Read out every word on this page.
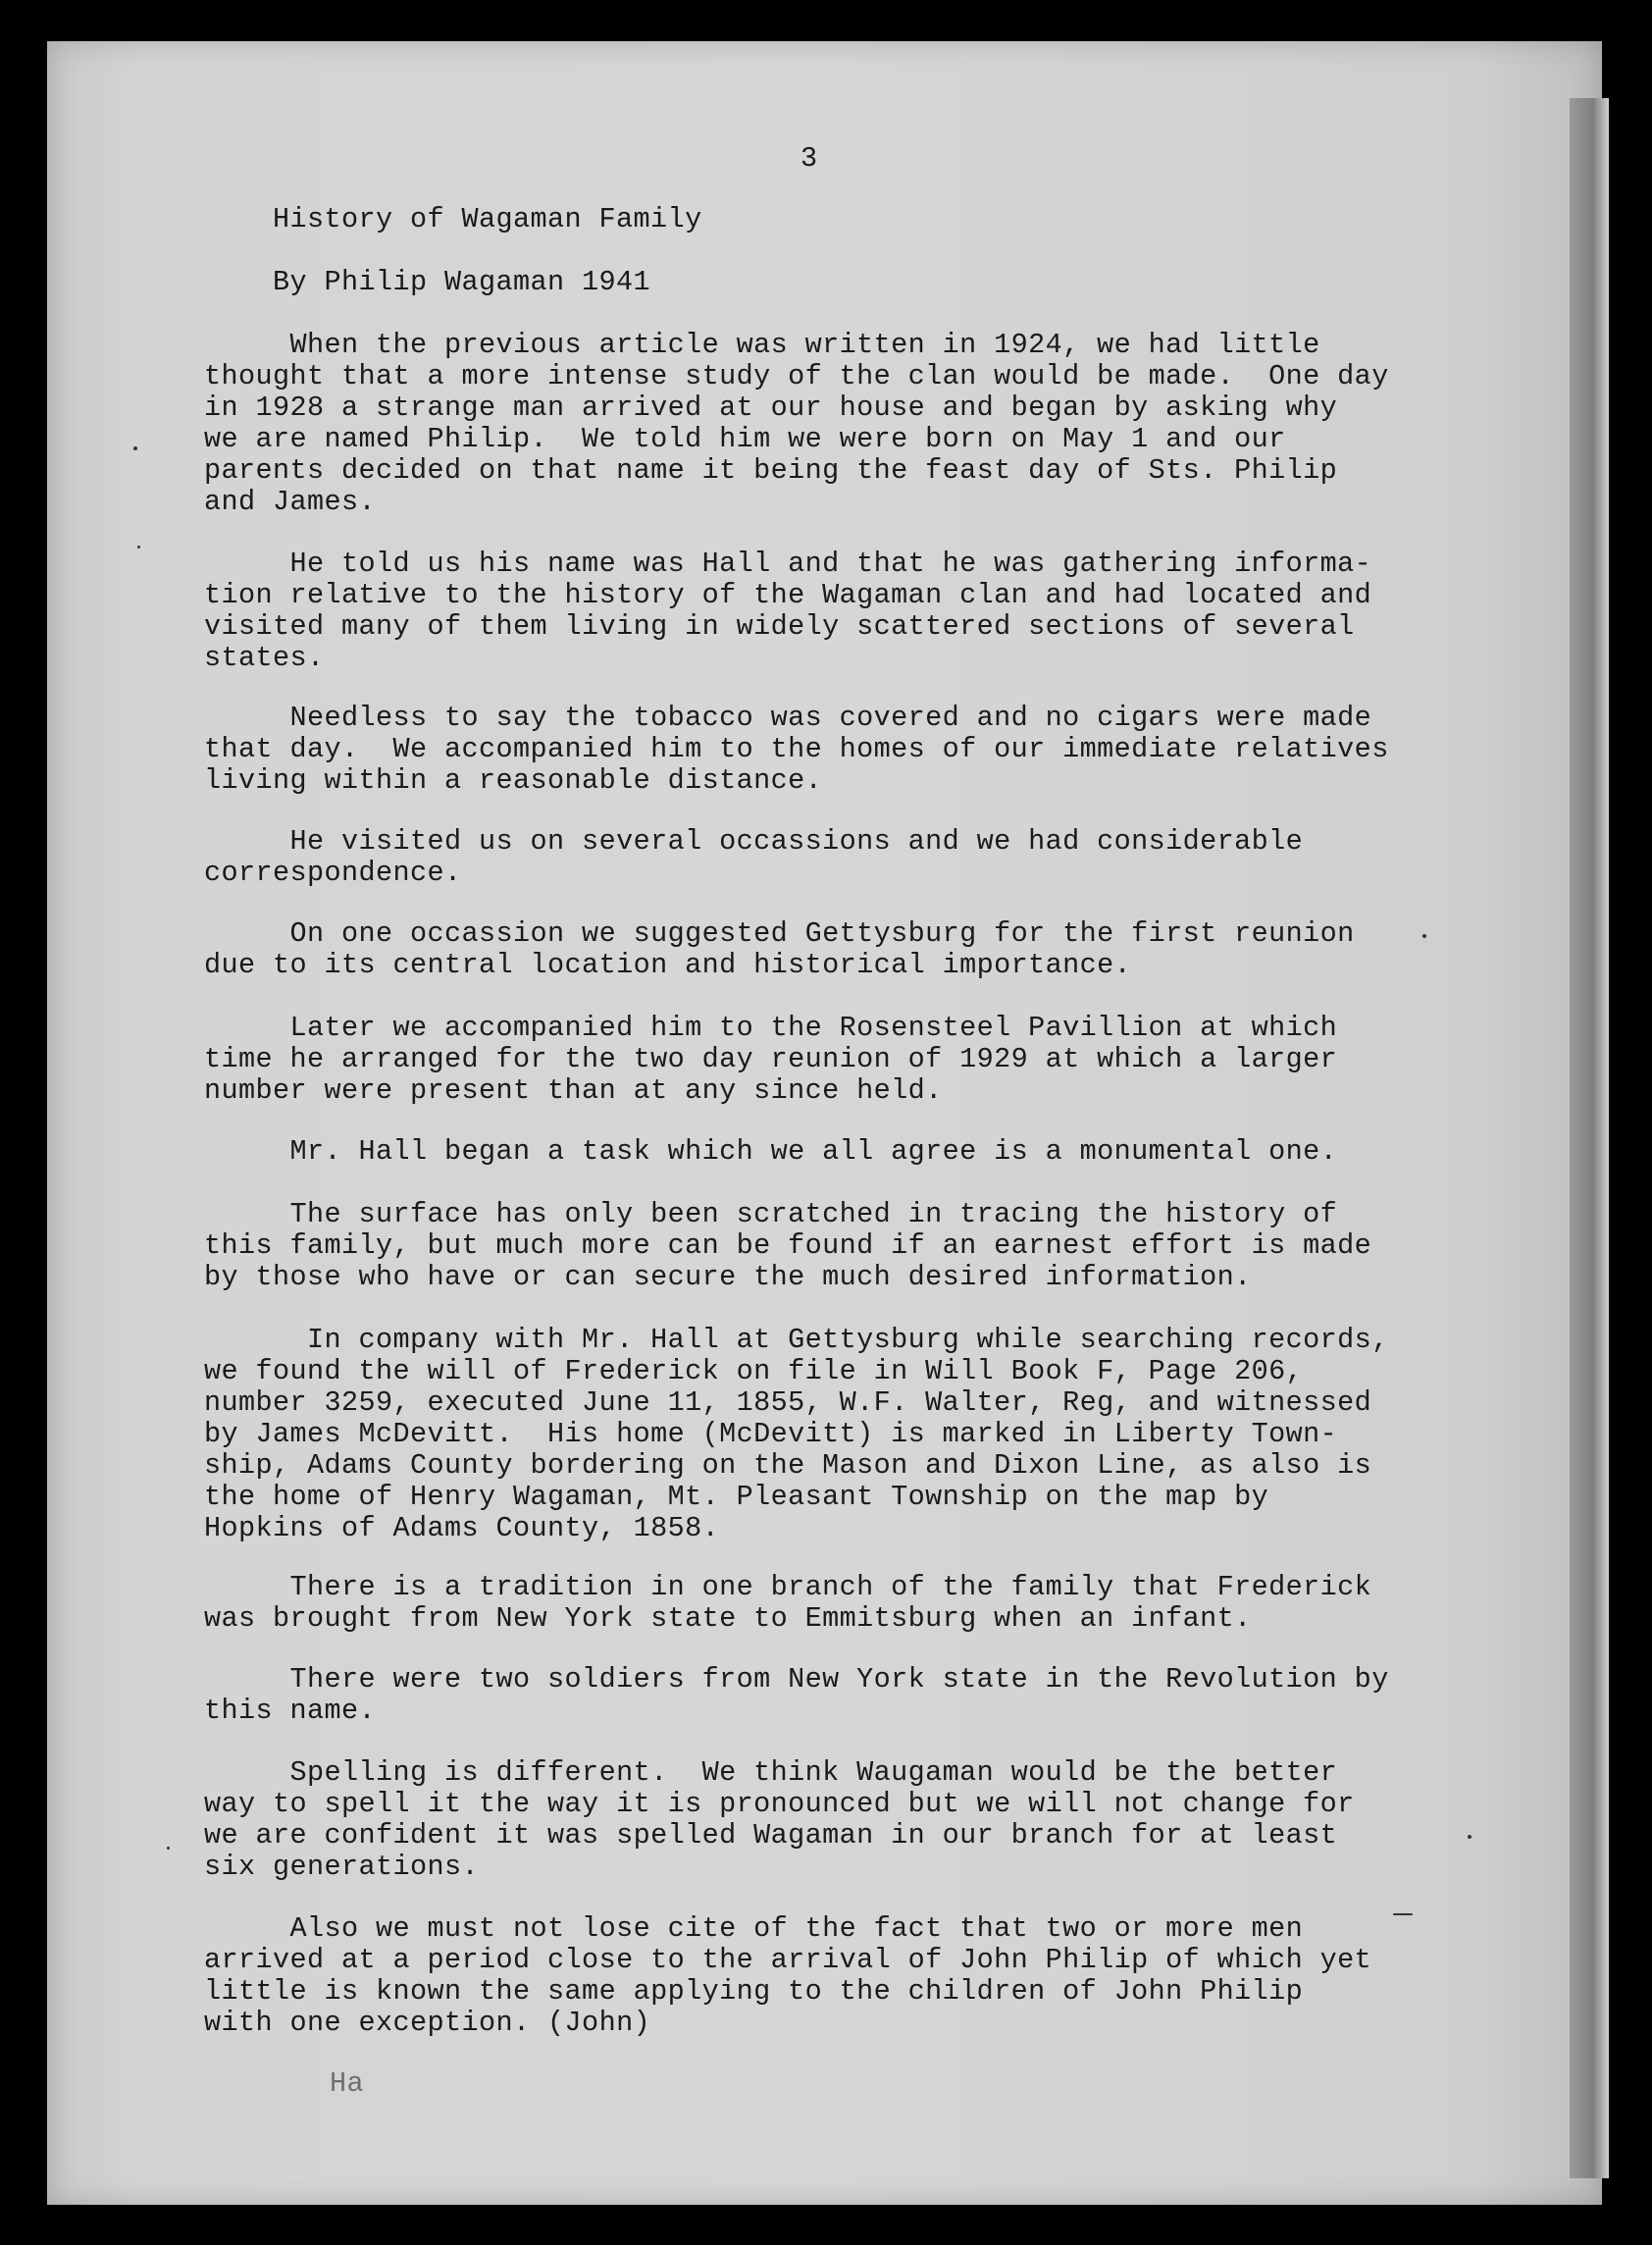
3
History of Wagaman Family
By Philip Wagaman 1941
When the previous article was written in 1924, we had little
thought that a more intense study of the clan would be made.  One day
in 1928 a strange man arrived at our house and began by asking why
we are named Philip.  We told him we were born on May 1 and our
parents decided on that name it being the feast day of Sts. Philip
and James.
He told us his name was Hall and that he was gathering informa-
tion relative to the history of the Wagaman clan and had located and
visited many of them living in widely scattered sections of several
states.
Needless to say the tobacco was covered and no cigars were made
that day.  We accompanied him to the homes of our immediate relatives
living within a reasonable distance.
He visited us on several occassions and we had considerable
correspondence.
On one occassion we suggested Gettysburg for the first reunion
due to its central location and historical importance.
Later we accompanied him to the Rosensteel Pavillion at which
time he arranged for the two day reunion of 1929 at which a larger
number were present than at any since held.
Mr. Hall began a task which we all agree is a monumental one.
The surface has only been scratched in tracing the history of
this family, but much more can be found if an earnest effort is made
by those who have or can secure the much desired information.
In company with Mr. Hall at Gettysburg while searching records,
we found the will of Frederick on file in Will Book F, Page 206,
number 3259, executed June 11, 1855, W.F. Walter, Reg, and witnessed
by James McDevitt.  His home (McDevitt) is marked in Liberty Town-
ship, Adams County bordering on the Mason and Dixon Line, as also is
the home of Henry Wagaman, Mt. Pleasant Township on the map by
Hopkins of Adams County, 1858.
There is a tradition in one branch of the family that Frederick
was brought from New York state to Emmitsburg when an infant.
There were two soldiers from New York state in the Revolution by
this name.
Spelling is different.  We think Waugaman would be the better
way to spell it the way it is pronounced but we will not change for
we are confident it was spelled Wagaman in our branch for at least
six generations.
Also we must not lose cite of the fact that two or more men
arrived at a period close to the arrival of John Philip of which yet
little is known the same applying to the children of John Philip
with one exception. (John)
Ha
